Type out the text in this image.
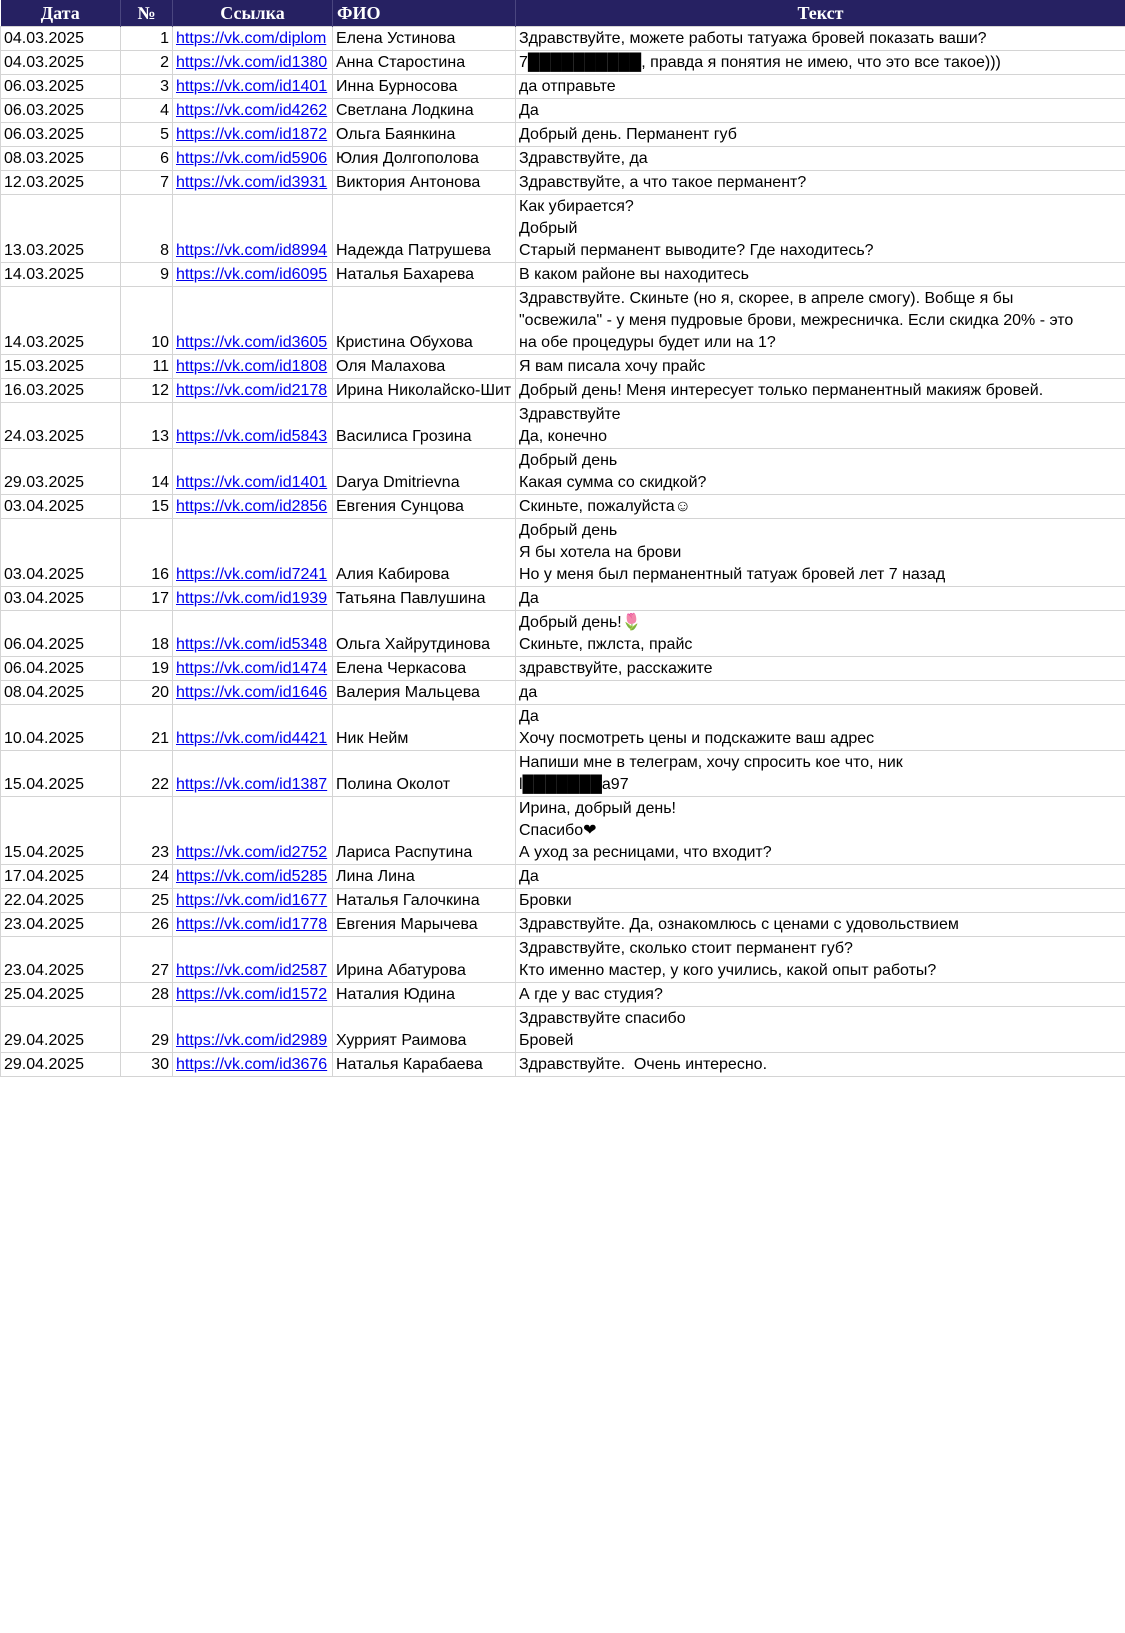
Дата	№	Ссылка	ФИО	Текст
04.03.2025	1	https://vk.com/diplom	Елена Устинова	Здравствуйте, можете работы татуажа бровей показать ваши?
04.03.2025	2	https://vk.com/id1380	Анна Старостина	7██████████, правда я понятия не имею, что это все такое)))
06.03.2025	3	https://vk.com/id1401	Инна Бурносова	да отправьте

06.03.2025	4	https://vk.com/id4262	Светлана Лодкина	Да

06.03.2025	5	https://vk.com/id1872	Ольга Баянкина	Добрый день. Перманент губ

08.03.2025	6	https://vk.com/id5906	Юлия Долгополова	Здравствуйте, да

12.03.2025	7	https://vk.com/id3931	Виктория Антонова	Здравствуйте, а что такое перманент?

13.03.2025	8	https://vk.com/id8994	Надежда Патрушева	Как убирается?
Добрый
Старый перманент выводите? Где находитесь?

14.03.2025	9	https://vk.com/id6095	Наталья Бахарева	В каком районе вы находитесь

14.03.2025	10	https://vk.com/id3605	Кристина Обухова	Здравствуйте. Скиньте (но я, скорее, в апреле смогу). Вобще я бы
"освежила" - у меня пудровые брови, межресничка. Если скидка 20% - это
на обе процедуры будет или на 1?

15.03.2025	11	https://vk.com/id1808	Оля Малахова	Я вам писала хочу прайс

16.03.2025	12	https://vk.com/id2178	Ирина Николайско-Шит	Добрый день! Меня интересует только перманентный макияж бровей.

24.03.2025	13	https://vk.com/id5843	Василиса Грозина	Здравствуйте
Да, конечно

29.03.2025	14	https://vk.com/id1401	Darya Dmitrievna	Добрый день
Какая сумма со скидкой?

03.04.2025	15	https://vk.com/id2856	Евгения Сунцова	Скиньте, пожалуйста☺

03.04.2025	16	https://vk.com/id7241	Алия Кабирова	Добрый день
Я бы хотела на брови
Но у меня был перманентный татуаж бровей лет 7 назад

03.04.2025	17	https://vk.com/id1939	Татьяна Павлушина	Да

06.04.2025	18	https://vk.com/id5348	Ольга Хайрутдинова	Добрый день!🌷
Скиньте, пжлста, прайс

06.04.2025	19	https://vk.com/id1474	Елена Черкасова	здравствуйте, расскажите

08.04.2025	20	https://vk.com/id1646	Валерия Мальцева	да

10.04.2025	21	https://vk.com/id4421	Ник Нейм	Да
Хочу посмотреть цены и подскажите ваш адрес

15.04.2025	22	https://vk.com/id1387	Полина Околот	Напиши мне в телеграм, хочу спросить кое что, ник
l███████a97

15.04.2025	23	https://vk.com/id2752	Лариса Распутина	Ирина, добрый день!
Спасибо❤
А уход за ресницами, что входит?

17.04.2025	24	https://vk.com/id5285	Лина Лина	Да

22.04.2025	25	https://vk.com/id1677	Наталья Галочкина	Бровки

23.04.2025	26	https://vk.com/id1778	Евгения Марычева	Здравствуйте. Да, ознакомлюсь с ценами с удовольствием

23.04.2025	27	https://vk.com/id2587	Ирина Абатурова	Здравствуйте, сколько стоит перманент губ?
Кто именно мастер, у кого учились, какой опыт работы?

25.04.2025	28	https://vk.com/id1572	Наталия Юдина	А где у вас студия?

29.04.2025	29	https://vk.com/id2989	Хуррият Раимова	Здравствуйте спасибо
Бровей

29.04.2025	30	https://vk.com/id3676	Наталья Карабаева	Здравствуйте.  Очень интересно.
